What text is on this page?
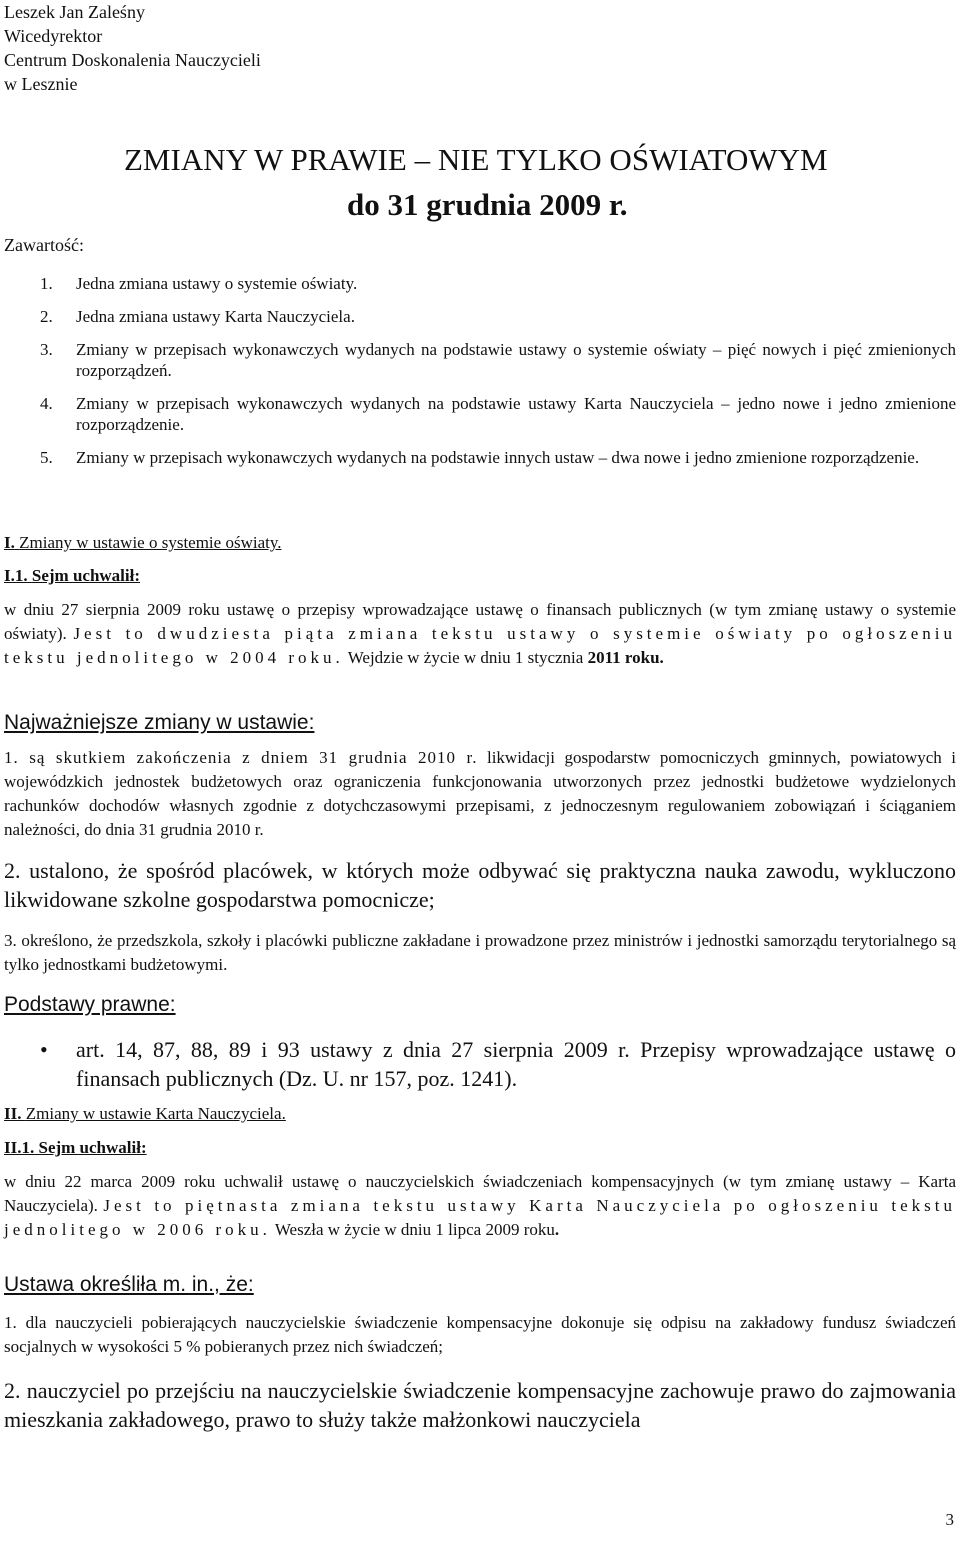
Leszek Jan Zaleśny
Wicedyrektor
Centrum Doskonalenia Nauczycieli
w Lesznie
ZMIANY W PRAWIE – NIE TYLKO OŚWIATOWYM
do 31 grudnia 2009 r.
Zawartość:
1.	Jedna zmiana ustawy o systemie oświaty.
2.	Jedna zmiana ustawy Karta Nauczyciela.
3.	Zmiany w przepisach wykonawczych wydanych na podstawie ustawy o systemie oświaty – pięć nowych i pięć zmienionych rozporządzeń.
4.	Zmiany w przepisach wykonawczych wydanych na podstawie ustawy Karta Nauczyciela – jedno nowe i jedno zmienione rozporządzenie.
5.	Zmiany w przepisach wykonawczych wydanych na podstawie innych ustaw – dwa nowe i jedno zmienione rozporządzenie.
I. Zmiany w ustawie o systemie oświaty.
I.1. Sejm uchwalił:
w dniu 27 sierpnia 2009 roku ustawę o przepisy wprowadzające ustawę o finansach publicznych (w tym zmianę ustawy o systemie oświaty). Jest to dwudziesta piąta zmiana tekstu ustawy o systemie oświaty po ogłoszeniu tekstu jednolitego w 2004 roku. Wejdzie w życie w dniu 1 stycznia 2011 roku.
Najważniejsze zmiany w ustawie:
1. są skutkiem zakończenia z dniem 31 grudnia 2010 r. likwidacji gospodarstw pomocniczych gminnych, powiatowych i wojewódzkich jednostek budżetowych oraz ograniczenia funkcjonowania utworzonych przez jednostki budżetowe wydzielonych rachunków dochodów własnych zgodnie z dotychczasowymi przepisami, z jednoczesnym regulowaniem zobowiązań i ściąganiem należności, do dnia 31 grudnia 2010 r.
2. ustalono, że spośród placówek, w których może odbywać się praktyczna nauka zawodu, wykluczono likwidowane szkolne gospodarstwa pomocnicze;
3. określono, że przedszkola, szkoły i placówki publiczne zakładane i prowadzone przez ministrów i jednostki samorządu terytorialnego są tylko jednostkami budżetowymi.
Podstawy prawne:
•	art. 14, 87, 88, 89 i 93 ustawy z dnia 27 sierpnia 2009 r. Przepisy wprowadzające ustawę o finansach publicznych (Dz. U. nr 157, poz. 1241).
II. Zmiany w ustawie Karta Nauczyciela.
II.1. Sejm uchwalił:
w dniu 22 marca 2009 roku uchwalił ustawę o nauczycielskich świadczeniach kompensacyjnych (w tym zmianę ustawy – Karta Nauczyciela). Jest to piętnasta zmiana tekstu ustawy Karta Nauczyciela po ogłoszeniu tekstu jednolitego w 2006 roku. Weszła w życie w dniu 1 lipca 2009 roku.
Ustawa określiła m. in., że:
1. dla nauczycieli pobierających nauczycielskie świadczenie kompensacyjne dokonuje się odpisu na zakładowy fundusz świadczeń socjalnych w wysokości 5 % pobieranych przez nich świadczeń;
2. nauczyciel po przejściu na nauczycielskie świadczenie kompensacyjne zachowuje prawo do zajmowania mieszkania zakładowego, prawo to służy także małżonkowi nauczyciela
3
